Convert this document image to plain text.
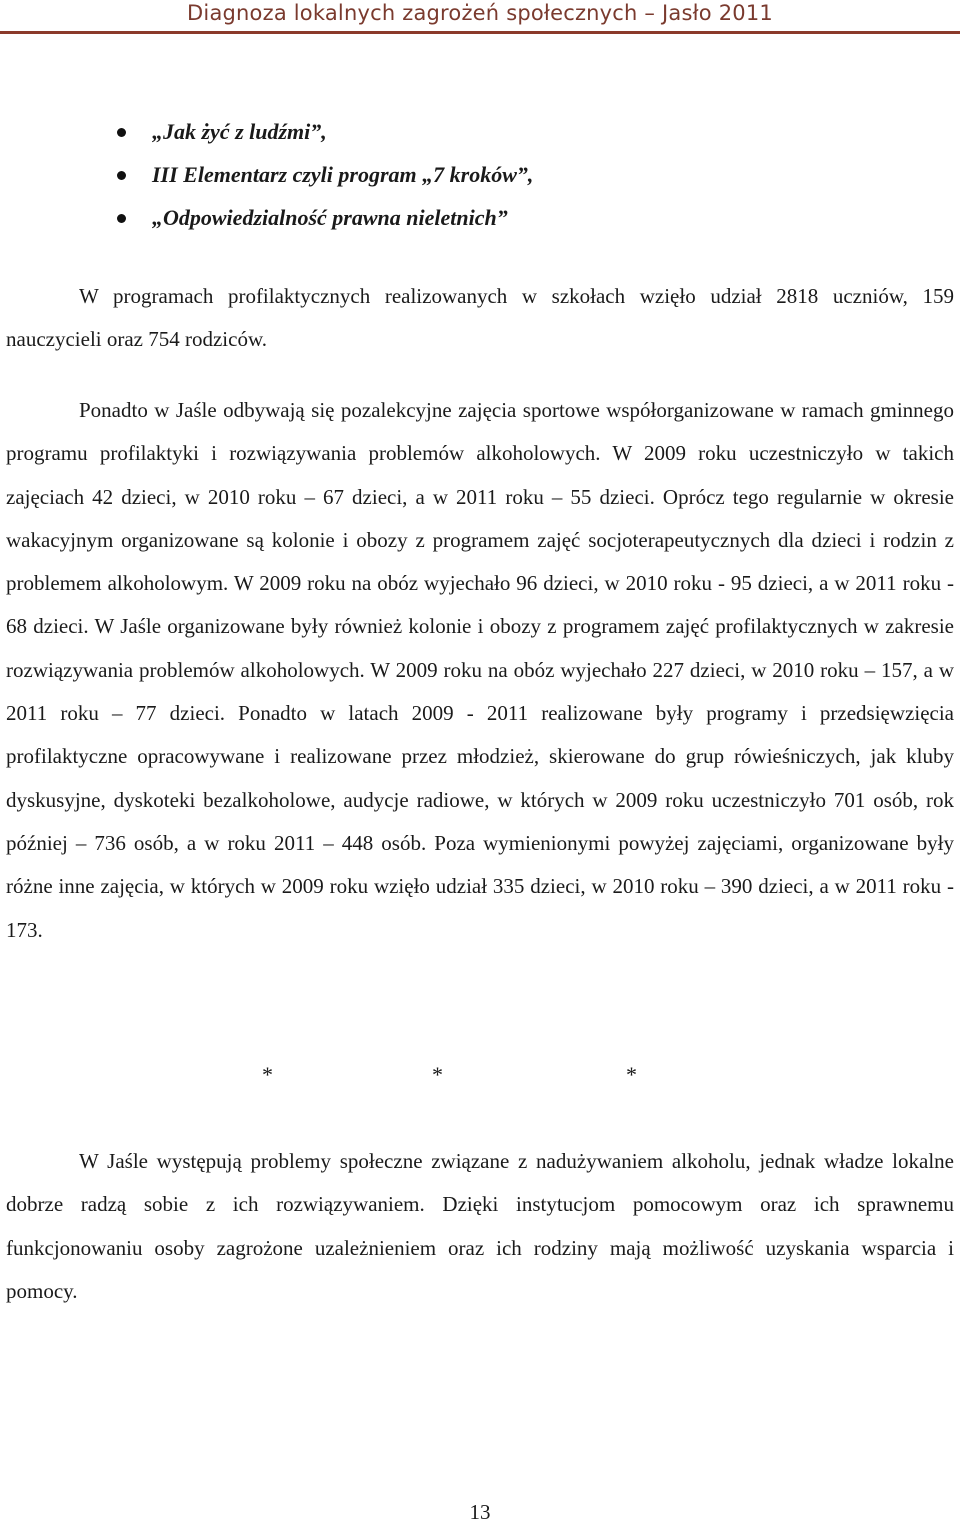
Diagnoza lokalnych zagrożeń społecznych – Jasło 2011
„Jak żyć z ludźmi”,
III Elementarz czyli program „7 kroków”,
„Odpowiedzialność prawna nieletnich”

W programach profilaktycznych realizowanych w szkołach wzięło udział 2818 uczniów, 159 nauczycieli oraz 754 rodziców.

Ponadto w Jaśle odbywają się pozalekcyjne zajęcia sportowe współorganizowane w ramach gminnego programu profilaktyki i rozwiązywania problemów alkoholowych. W 2009 roku uczestniczyło w takich zajęciach 42 dzieci, w 2010 roku – 67 dzieci, a w 2011 roku – 55 dzieci. Oprócz tego regularnie w okresie wakacyjnym organizowane są kolonie i obozy z programem zajęć socjoterapeutycznych dla dzieci i rodzin z problemem alkoholowym. W 2009 roku na obóz wyjechało 96 dzieci, w 2010 roku - 95 dzieci, a w 2011 roku - 68 dzieci. W Jaśle organizowane były również kolonie i obozy z programem zajęć profilaktycznych w zakresie rozwiązywania problemów alkoholowych. W 2009 roku na obóz wyjechało 227 dzieci, w 2010 roku – 157, a w 2011 roku – 77 dzieci. Ponadto w latach 2009 - 2011 realizowane były programy i przedsięwzięcia profilaktyczne opracowywane i realizowane przez młodzież, skierowane do grup rówieśniczych, jak kluby dyskusyjne, dyskoteki bezalkoholowe, audycje radiowe, w których w 2009 roku uczestniczyło 701 osób, rok później – 736 osób, a w roku 2011 – 448 osób. Poza wymienionymi powyżej zajęciami, organizowane były różne inne zajęcia, w których w 2009 roku wzięło udział 335 dzieci, w 2010 roku – 390 dzieci, a w 2011 roku - 173.

*	*	*

W Jaśle występują problemy społeczne związane z nadużywaniem alkoholu, jednak władze lokalne dobrze radzą sobie z ich rozwiązywaniem. Dzięki instytucjom pomocowym oraz ich sprawnemu funkcjonowaniu osoby zagrożone uzależnieniem oraz ich rodziny mają możliwość uzyskania wsparcia i pomocy.

13
